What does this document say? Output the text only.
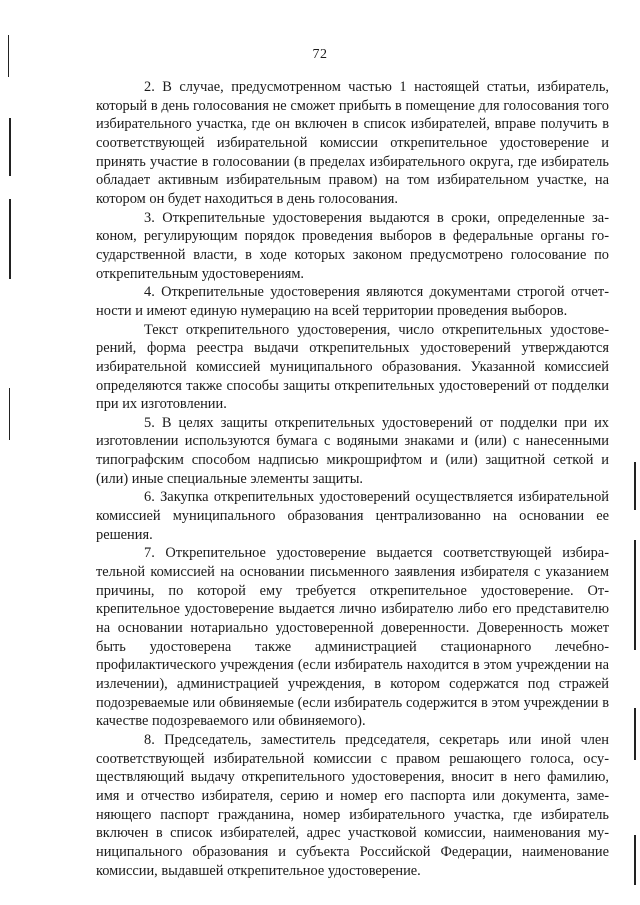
72

2. В случае, предусмотренном частью 1 настоящей статьи, избиратель, который в день голосования не сможет прибыть в помещение для голосования того избирательного участка, где он включен в список избирателей, вправе получить в соответствующей избирательной комиссии открепительное удостоверение и принять участие в голосовании (в пределах избирательного округа, где избиратель обладает активным избирательным правом) на том избирательном участке, на котором он будет находиться в день голосования.

3. Открепительные удостоверения выдаются в сроки, определенные законом, регулирующим порядок проведения выборов в федеральные органы государственной власти, в ходе которых законом предусмотрено голосование по открепительным удостоверениям.

4. Открепительные удостоверения являются документами строгой отчетности и имеют единую нумерацию на всей территории проведения выборов.

Текст открепительного удостоверения, число открепительных удостоверений, форма реестра выдачи открепительных удостоверений утверждаются избирательной комиссией муниципального образования. Указанной комиссией определяются также способы защиты открепительных удостоверений от подделки при их изготовлении.

5. В целях защиты открепительных удостоверений от подделки при их изготовлении используются бумага с водяными знаками и (или) с нанесенными типографским способом надписью микрошрифтом и (или) защитной сеткой и (или) иные специальные элементы защиты.

6. Закупка открепительных удостоверений осуществляется избирательной комиссией муниципального образования централизованно на основании ее решения.

7. Открепительное удостоверение выдается соответствующей избирательной комиссией на основании письменного заявления избирателя с указанием причины, по которой ему требуется открепительное удостоверение. Открепительное удостоверение выдается лично избирателю либо его представителю на основании нотариально удостоверенной доверенности. Доверенность может быть удостоверена также администрацией стационарного лечебно-профилактического учреждения (если избиратель находится в этом учреждении на излечении), администрацией учреждения, в котором содержатся под стражей подозреваемые или обвиняемые (если избиратель содержится в этом учреждении в качестве подозреваемого или обвиняемого).

8. Председатель, заместитель председателя, секретарь или иной член соответствующей избирательной комиссии с правом решающего голоса, осуществляющий выдачу открепительного удостоверения, вносит в него фамилию, имя и отчество избирателя, серию и номер его паспорта или документа, заменяющего паспорт гражданина, номер избирательного участка, где избиратель включен в список избирателей, адрес участковой комиссии, наименования муниципального образования и субъекта Российской Федерации, наименование комиссии, выдавшей открепительное удостоверение.
